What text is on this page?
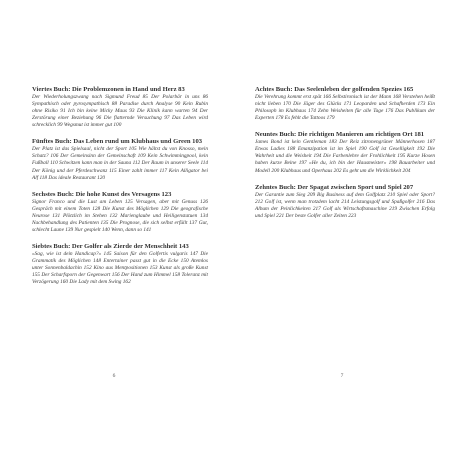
Viertes Buch: Die Problemzonen in Hand und Herz 83

Der Wiederholungszwang nach Sigmund Freud 85 Der Polarbär in uns 86 Sympathisch oder pyrosympathisch 88 Paradise durch Analyse 90 Kein Rubin ohne Risiko 91 Ich bin keine Micky Maus 93 Die Klinik kann warten 94 Der Zerstörung einer Beziehung 96 Die flatternde Versuchung 97 Das Leben wird schrecklich 99 Wegsmut ist immer gut 100

Fünftes Buch: Das Leben rund um Klubhaus und Green 103

Der Platz ist das Spielsaal, nicht der Sport 105 Wie hältst du von Knosso, mein Schatz? 106 Der Gemeinsinn der Gemeinschaft 109 Kein Schwimmingpool, kein Fußball 110 Schwitzen kann man in der Sauna 112 Der Raum in unserer Seele 114 Der König und der Pferdeschwanz 115 Einer zahlt immer 117 Kein Alligator bei Alf 118 Das ideale Restaurant 120

Sechstes Buch: Die hohe Kunst des Versagens 123

Signor Franco und die Lust am Leben 125 Versagen, aber mit Genuss 126 Gespräch mit einem Toten 128 Die Kunst des Möglichen 129 Die geografische Neurose 131 Plötzlich im Stehen 132 Marienglaube und Heiligenstatuen 134 Nachbehandlung des Patienten 135 Die Prognose, die sich selbst erfüllt 137 Gut, schlecht Laune 139 Nur gespielt 140 Wenn, dann so 141

Siebtes Buch: Der Golfer als Zierde der Menschheit 143

»Sag, wie ist dein Handicap?« 145 Saison für den Golfertis vulgaris 147 Die Grammatik des Möglichen 148 Entertainer passt gut in die Ecke 150 Atemlos unter Sonnenbaldachin 152 Kino aus Mentpositionen 153 Kunst als große Kunst 155 Der Scharfsporn der Gegenwart 156 Der Hand zum Himmel 158 Toleranz mit Verzögerung 160 Die Lady mit dem Swing 162

6

Achtes Buch: Das Seelenleben der golfenden Spezies 165

Die Verehrung kommt erst spät 166 Selbstironisch ist der Mann 168 Verstehen heißt nicht lieben 170 Die Jäger des Glücks 171 Leoparden und Schafherden 173 Ein Philosoph im Klubhaus 174 Zehn Weisheiten für alle Tage 176 Das Publikum der Experten 178 Es fehlt die Tattoos 179

Neuntes Buch: Die richtigen Manieren am richtigen Ort 181

James Bond ist kein Gentleman 183 Der Reiz zitronengrüner Männerhosen 187 Etwas Ladies 188 Emanzipation ist im Spiel 190 Golf ist Geselligkeit 192 Die Wahrheit und die Weisheit 194 Die Farbenlehre der Frohlichkeit 195 Kurze Hosen haben kurze Beine 197 »He du, ich bin der Hausmeister« 198 Bauarbeiter und Modell 200 Klubhaus und Operhaus 202 Es geht um die Wirklichkeit 204

Zehntes Buch: Der Spagat zwischen Sport und Spiel 207

Der Garantie zum Sieg 209 Big Business auf dem Golfplatz 210 Spiel oder Sport? 212 Golf ist, wenn man trotzdem lacht 214 Leistungsgolf und Spaßgolfer 216 Das Album der Peinlichkeiten 217 Golf als Wirtschaftsmaschine 219 Zwischen Erfolg und Spiel 221 Der beste Golfer aller Zeiten 223

7
